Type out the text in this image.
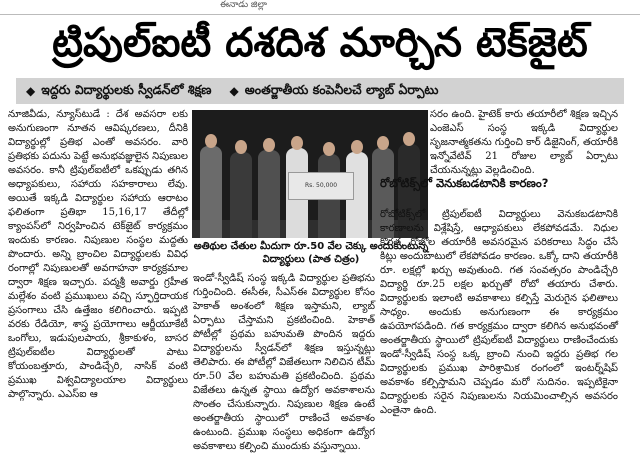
ఈనాడు జిల్లా
ట్రిపుల్‌ఐటీ దశదిశ మార్చిన టెక్‌జైట్
◆ ఇద్దరు విద్యార్థులకు స్వీడన్‌లో శిక్షణ ◆ అంతర్జాతీయ కంపెనీలచే ల్యాబ్ ఏర్పాటు

నూజివీడు, న్యూస్‌టుడే : దేశ అవసరా లకు అనుగుణంగా నూతన ఆవిష్కరణలు, దీనికి విద్యార్థుల్లో ప్రతిభ ఎంతో అవసరం. వారి ప్రతిభకు పదును పెట్టే అనుభవజ్ఞులైన నిపుణుల అవసరం. కానీ ట్రిపుల్‌ఐటీలో ఒకప్పుడు తగిన అధ్యాపకులు, సహాయ సహకారాలు లేవు. అయితే ఇక్కడి విద్యార్థుల సహాయ ఆరాటం ఫలితంగా ప్రతిభా 15,16,17 తేదీల్లో క్యాంపస్‌లో నిర్వహించిన టెక్‌జైట్ కార్యక్రమం ఇందుకు కారణం. నిపుణుల సంస్థల మద్దతు పొందారు. అన్ని బ్రాంచిల విద్యార్థులకు వివిధ రంగాల్లో నిపుణులతో అవగాహనా కార్యక్రమాల ద్వారా శిక్షణ ఇచ్చారు. పద్మశ్రీ అవార్డు గ్రహీత మల్లేశం వంటి ప్రముఖులు వచ్చి స్ఫూర్తిదాయక ప్రసంగాలు చేసి ఉత్తేజం కలిగించారు. ఇప్పటి వరకు రేడియో, శాస్త్ర ప్రయోగాలు ఆర్జీయూకేటీ ఒంగోలు, ఇడుపులపాయ, శ్రీకాకుళం, బాసర ట్రిపుల్‌ఐటీల విద్యార్థులతో పాటు కోయంబత్తూరు, పాండిచ్చేరి, నాసిక్ వంటి ప్రముఖ విశ్వవిద్యాలయాల విద్యార్థులు పాల్గొన్నారు. ఎఎస్ఐ ఆ

Rs. 50,000
అతిథుల చేతుల మీదుగా రూ.50 వేల చెక్కు అందుకుంటున్న విద్యార్థులు (పాత చిత్రం)

ఇండో-స్వీడిష్ సంస్థ ఇక్కడి విద్యార్థుల ప్రతిభను గుర్తించింది. ఈసీఈ, సీఎస్ఈ విద్యార్థుల కోసం హెకాత్ అంశంలో శిక్షణ ఇస్తామని, ల్యాబ్ ఏర్పాటు చేస్తామని ప్రకటించింది. హెకాత్ పోటీల్లో ప్రథమ బహుమతి పొందిన ఇద్దరు విద్యార్థులను స్వీడన్‌లో శిక్షణ ఇస్తున్నట్లు తెలిపారు. ఈ పోటీల్లో విజేతలుగా నిలిచిన టీమ్ రూ.50 వేల బహుమతి ప్రకటించింది. ప్రథమ విజేతలు ఉన్నత స్థాయి ఉద్యోగ అవకాశాలను సొంతం చేసుకున్నారు. నిపుణుల శిక్షణ ఉంటే అంతర్జాతీయ స్థాయిలో రాణించే అవకాశం ఉంటుంది. ప్రముఖ సంస్థలు అధికంగా ఉద్యోగ అవకాశాలు కల్పించి ముందుకు వస్తున్నాయి.

సరం ఉంది. హైటెక్ కారు తయారీలో శిక్షణ ఇచ్చిన ఎంజెఎస్ సంస్థ ఇక్కడి విద్యార్థుల సృజనాత్మకతను గుర్తించి కార్ డిజైనింగ్, తయారీకి ఇన్నోవేటివ్ 21 రోజుల ల్యాబ్ ఏర్పాటు చేయనున్నట్లు వెల్లడించింది.

రోబోటిక్స్‌లో వెనుకబడటానికి కారణం?

రోబోటిక్స్‌లో ట్రిపుల్‌ఐటీ విద్యార్థులు వెనుకబడటానికి కారణాలను విశ్లేషిస్తే, ఆధ్యాపకులు లేకపోవడమే. నిధుల కొరత, రోబోల తయారీకి అవసరమైన పరికరాలు సిద్ధం చేసే కిట్లు అందుబాటులో లేకపోవడం కారణం. ఒక్కో దాని తయారీకి రూ. లక్షల్లో ఖర్చు అవుతుంది. గత సంవత్సరం పాండిచ్చేరి విద్యార్థి రూ.25 లక్షల ఖర్చుతో రోబో తయారు చేశారు. విద్యార్థులకు ఇలాంటి అవకాశాలు కల్పిస్తే మెరుగైన ఫలితాలు సాధ్యం. అందుకు అనుగుణంగా ఈ కార్యక్రమం ఉపయోగపడింది. గత కార్యక్రమం ద్వారా కలిగిన అనుభవంతో అంతర్జాతీయ స్థాయిలో ట్రిపుల్‌ఐటీ విద్యార్థులు రాణించేందుకు ఇండో-స్వీడిష్ సంస్థ ఒక్క బ్రాంచి నుంచి ఇద్దరు ప్రతిభ గల విద్యార్థులకు ప్రముఖ పారిశ్రామిక రంగంలో ఇంటర్న్‌షిప్ అవకాశం కల్పిస్తామని చెప్పడం మరో సుదినం. ఇప్పటికైనా విద్యార్థులకు సరైన నిపుణులను నియమించాల్సిన అవసరం ఎంతైనా ఉంది.
